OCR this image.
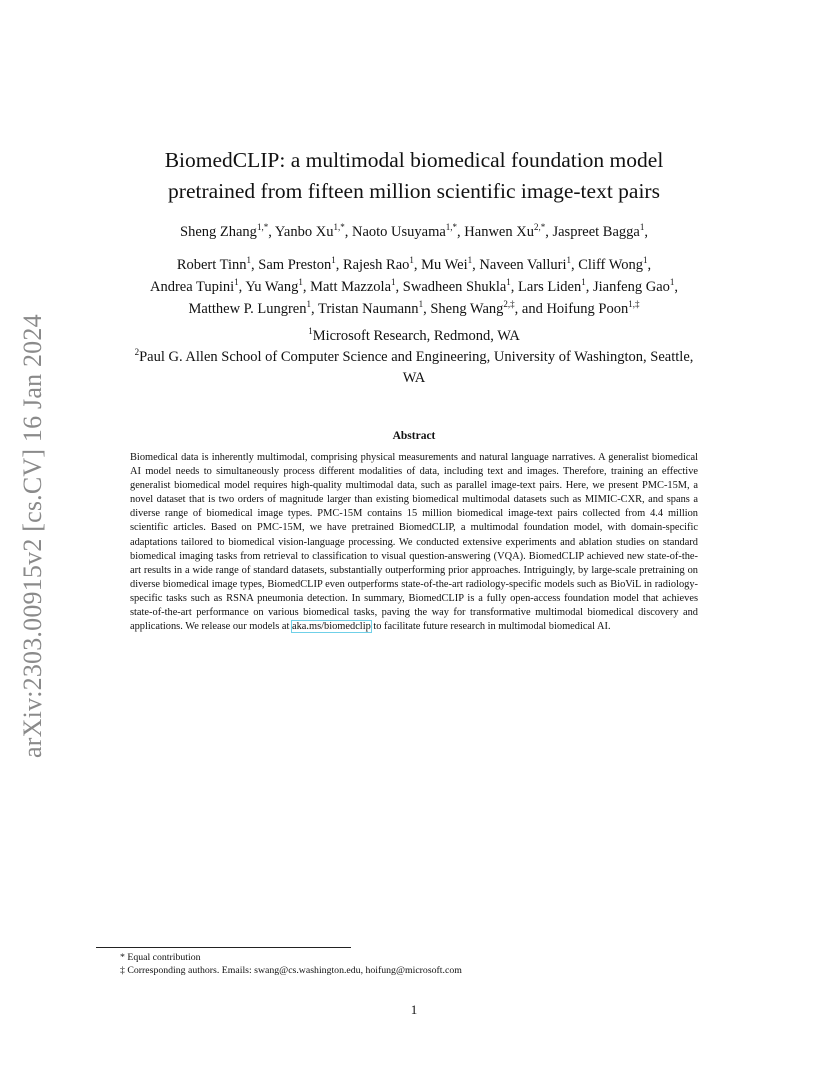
arXiv:2303.00915v2 [cs.CV] 16 Jan 2024
BiomedCLIP: a multimodal biomedical foundation model
pretrained from fifteen million scientific image-text pairs
Sheng Zhang$^{1,*}$, Yanbo $Xu^{1,*}$, Naoto Usuyama$^{1,*}$, Hanwen $Xu^{2,*}$, Jaspreet Bagga$^1$,
Robert Tinn$^1$, Sam Preston$^1$, Rajesh Rao$^1$, Mu Wei$^1$, Naveen Valluri$^1$, Cliff Wong$^1$,
Andrea Tupini$^1$, Yu Wang$^1$, Matt Mazzola$^1$, Swadheen Shukla$^1$, Lars Liden$^1$, Jianfeng Gao$^1$,
Matthew P. Lungren$^1$, Tristan Naumann$^1$, Sheng Wang$^{2,\ddagger}$, and Hoifung Poon$^{1,\ddagger}$
$^1$Microsoft Research, Redmond, WA
$^2$Paul G. Allen School of Computer Science and Engineering, University of Washington, Seattle,
WA
Abstract
Biomedical data is inherently multimodal, comprising physical measurements and natural language narratives. A generalist biomedical AI model needs to simultaneously process different modalities of data, including text and images. Therefore, training an effective generalist biomedical model requires high-quality multimodal data, such as parallel image-text pairs. Here, we present PMC-15M, a novel dataset that is two orders of magnitude larger than existing biomedical multimodal datasets such as MIMIC-CXR, and spans a diverse range of biomedical image types. PMC-15M contains 15 million biomedical image-text pairs collected from 4.4 million scientific articles. Based on PMC-15M, we have pretrained BiomedCLIP, a multimodal foundation model, with domain-specific adaptations tailored to biomedical vision-language processing. We conducted extensive experiments and ablation studies on standard biomedical imaging tasks from retrieval to classification to visual question-answering (VQA). BiomedCLIP achieved new state-of-the-art results in a wide range of standard datasets, substantially outperforming prior approaches. Intriguingly, by large-scale pretraining on diverse biomedical image types, BiomedCLIP even outperforms state-of-the-art radiology-specific models such as BioViL in radiology-specific tasks such as RSNA pneumonia detection. In summary, BiomedCLIP is a fully open-access foundation model that achieves state-of-the-art performance on various biomedical tasks, paving the way for transformative multimodal biomedical discovery and applications. We release our models at aka.ms/biomedclip to facilitate future research in multimodal biomedical AI.
* Equal contribution
‡ Corresponding authors. Emails: swang@cs.washington.edu, hoifung@microsoft.com
1
